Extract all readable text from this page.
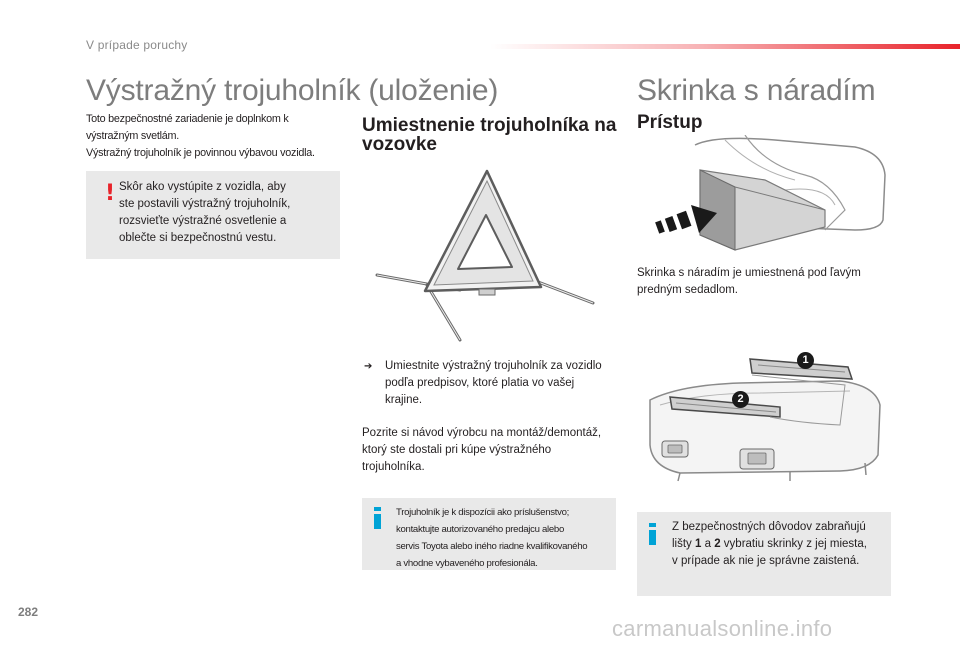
V prípade poruchy
Výstražný trojuholník (uloženie)
Toto bezpečnostné zariadenie je doplnkom k
výstražným svetlám.
Výstražný trojuholník je povinnou výbavou vozidla.
! Skôr ako vystúpite z vozidla, aby
ste postavili výstražný trojuholník,
rozsvieťte výstražné osvetlenie a
oblečte si bezpečnostnú vestu.
Umiestnenie trojuholníka na
vozovke
➔ Umiestnite výstražný trojuholník za vozidlo
podľa predpisov, ktoré platia vo vašej
krajine.
Pozrite si návod výrobcu na montáž/demontáž,
ktorý ste dostali pri kúpe výstražného
trojuholníka.
Trojuholník je k dispozícii ako príslušenstvo;
kontaktujte autorizovaného predajcu alebo
servis Toyota alebo iného riadne kvalifikovaného
a vhodne vybaveného profesionála.
Skrinka s náradím
Prístup
Skrinka s náradím je umiestnená pod ľavým
predným sedadlom.
1
2
Z bezpečnostných dôvodov zabraňujú
lišty 1 a 2 vybratiu skrinky z jej miesta,
v prípade ak nie je správne zaistená.
282
carmanualsonline.info
